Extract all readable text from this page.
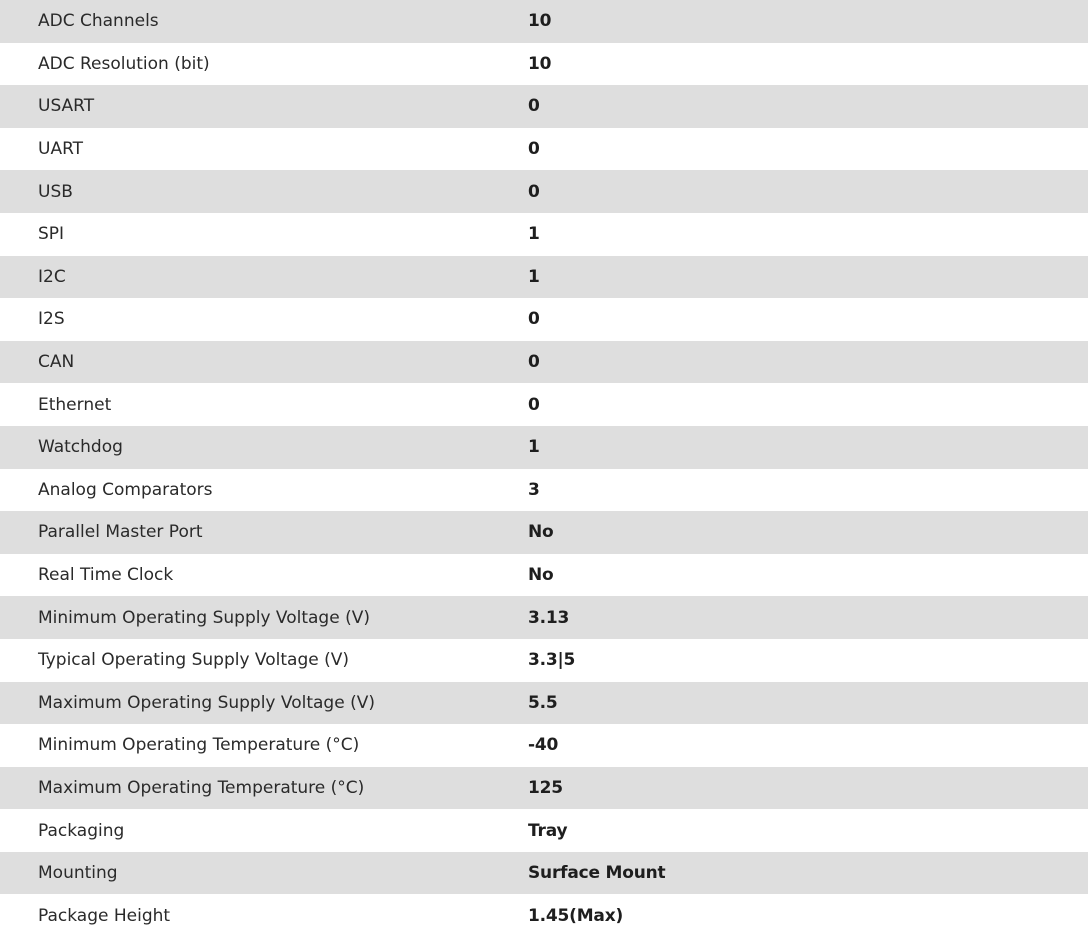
ADC Channels	10
ADC Resolution (bit)	10
USART	0
UART	0
USB	0
SPI	1
I2C	1
I2S	0
CAN	0
Ethernet	0
Watchdog	1
Analog Comparators	3
Parallel Master Port	No
Real Time Clock	No
Minimum Operating Supply Voltage (V)	3.13
Typical Operating Supply Voltage (V)	3.3|5
Maximum Operating Supply Voltage (V)	5.5
Minimum Operating Temperature (°C)	-40
Maximum Operating Temperature (°C)	125
Packaging	Tray
Mounting	Surface Mount
Package Height	1.45(Max)
